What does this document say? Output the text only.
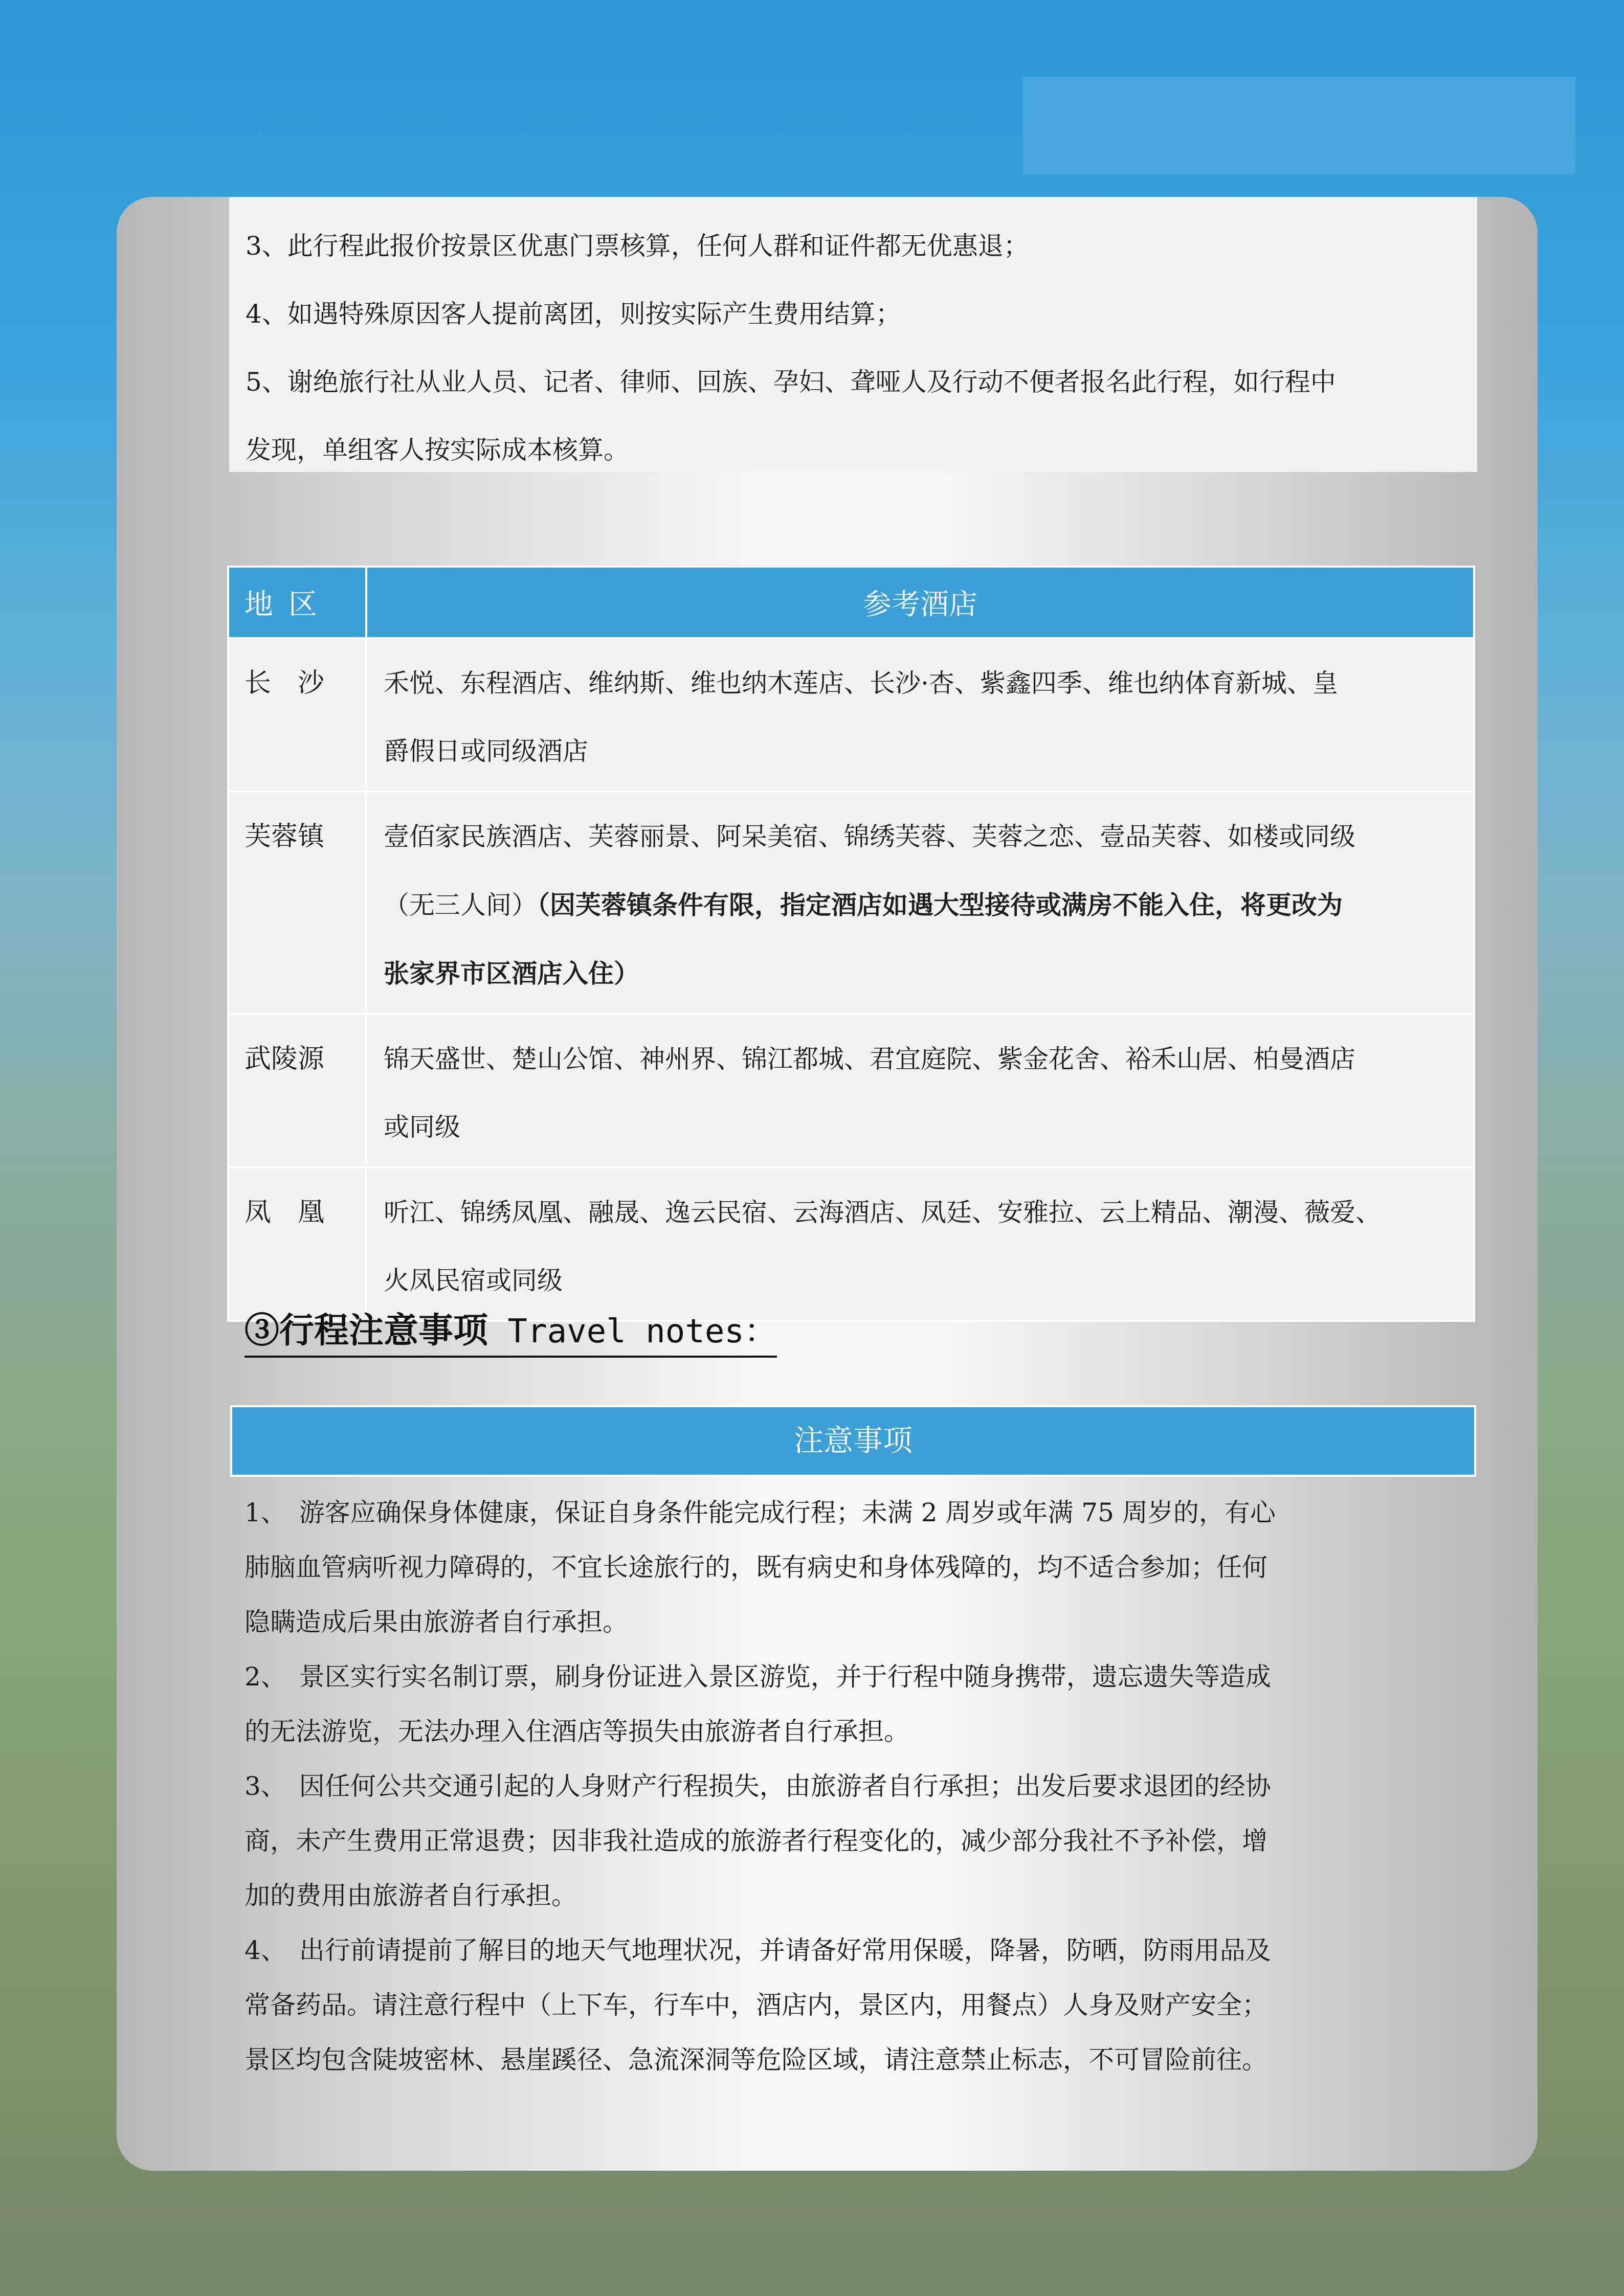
3、此行程此报价按景区优惠门票核算，任何人群和证件都无优惠退；

4、如遇特殊原因客人提前离团，则按实际产生费用结算；

5、谢绝旅行社从业人员、记者、律师、回族、孕妇、聋哑人及行动不便者报名此行程，如行程中

发现，单组客人按实际成本核算。

地区	参考酒店
长　沙	禾悦、东程酒店、维纳斯、维也纳木莲店、长沙·杏、紫鑫四季、维也纳体育新城、皇
爵假日或同级酒店

芙蓉镇	壹佰家民族酒店、芙蓉丽景、阿呆美宿、锦绣芙蓉、芙蓉之恋、壹品芙蓉、如楼或同级
（无三人间）（因芙蓉镇条件有限，指定酒店如遇大型接待或满房不能入住，将更改为
张家界市区酒店入住）

武陵源	锦天盛世、楚山公馆、神州界、锦江都城、君宜庭院、紫金花舍、裕禾山居、柏曼酒店
或同级

凤　凰	听江、锦绣凤凰、融晟、逸云民宿、云海酒店、凤廷、安雅拉、云上精品、潮漫、薇爱、
火凤民宿或同级
③行程注意事项 Travel notes：
注意事项

1、　游客应确保身体健康，保证自身条件能完成行程；未满 2 周岁或年满 75 周岁的，有心

肺脑血管病听视力障碍的，不宜长途旅行的，既有病史和身体残障的，均不适合参加；任何

隐瞒造成后果由旅游者自行承担。

2、　景区实行实名制订票，刷身份证进入景区游览，并于行程中随身携带，遗忘遗失等造成

的无法游览，无法办理入住酒店等损失由旅游者自行承担。

3、　因任何公共交通引起的人身财产行程损失，由旅游者自行承担；出发后要求退团的经协

商，未产生费用正常退费；因非我社造成的旅游者行程变化的，减少部分我社不予补偿，增

加的费用由旅游者自行承担。

4、　出行前请提前了解目的地天气地理状况，并请备好常用保暖，降暑，防晒，防雨用品及

常备药品。请注意行程中（上下车，行车中，酒店内，景区内，用餐点）人身及财产安全；

景区均包含陡坡密林、悬崖蹊径、急流深洞等危险区域，请注意禁止标志，不可冒险前往。
